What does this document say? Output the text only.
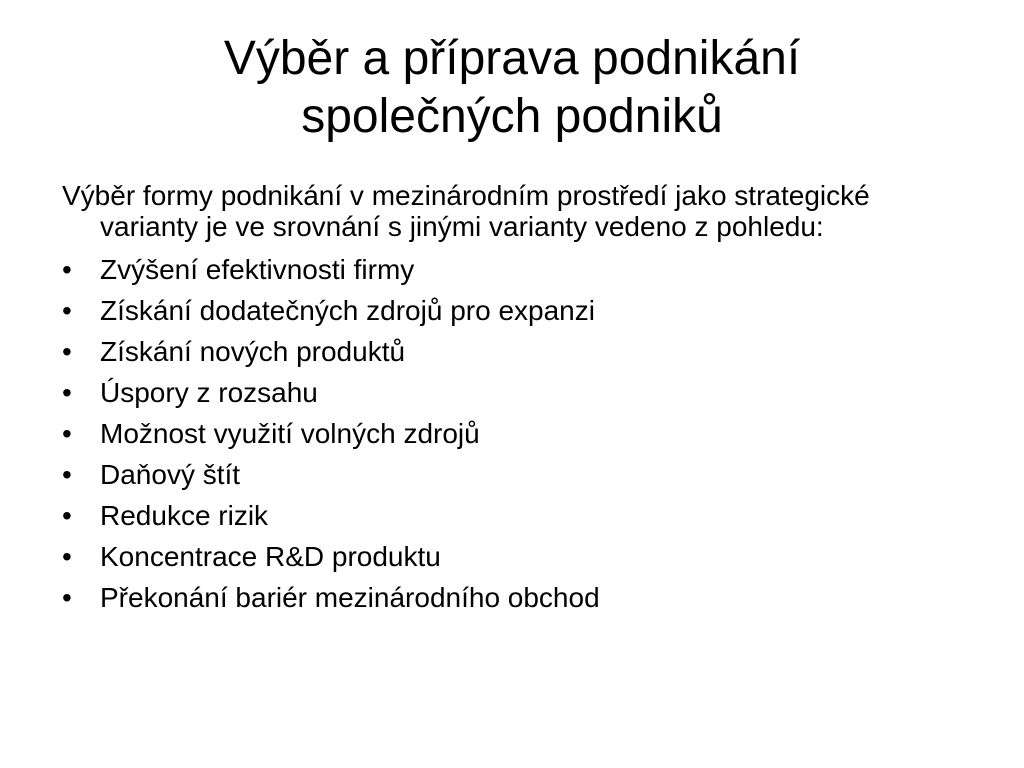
Výběr a příprava podnikání
společných podniků

Výběr formy podnikání v mezinárodním prostředí jako strategické varianty je ve srovnání s jinými varianty vedeno z pohledu:

• Zvýšení efektivnosti firmy
• Získání dodatečných zdrojů pro expanzi
• Získání nových produktů
• Úspory z rozsahu
• Možnost využití volných zdrojů
• Daňový štít
• Redukce rizik
• Koncentrace R&D produktu
• Překonání bariér mezinárodního obchod
